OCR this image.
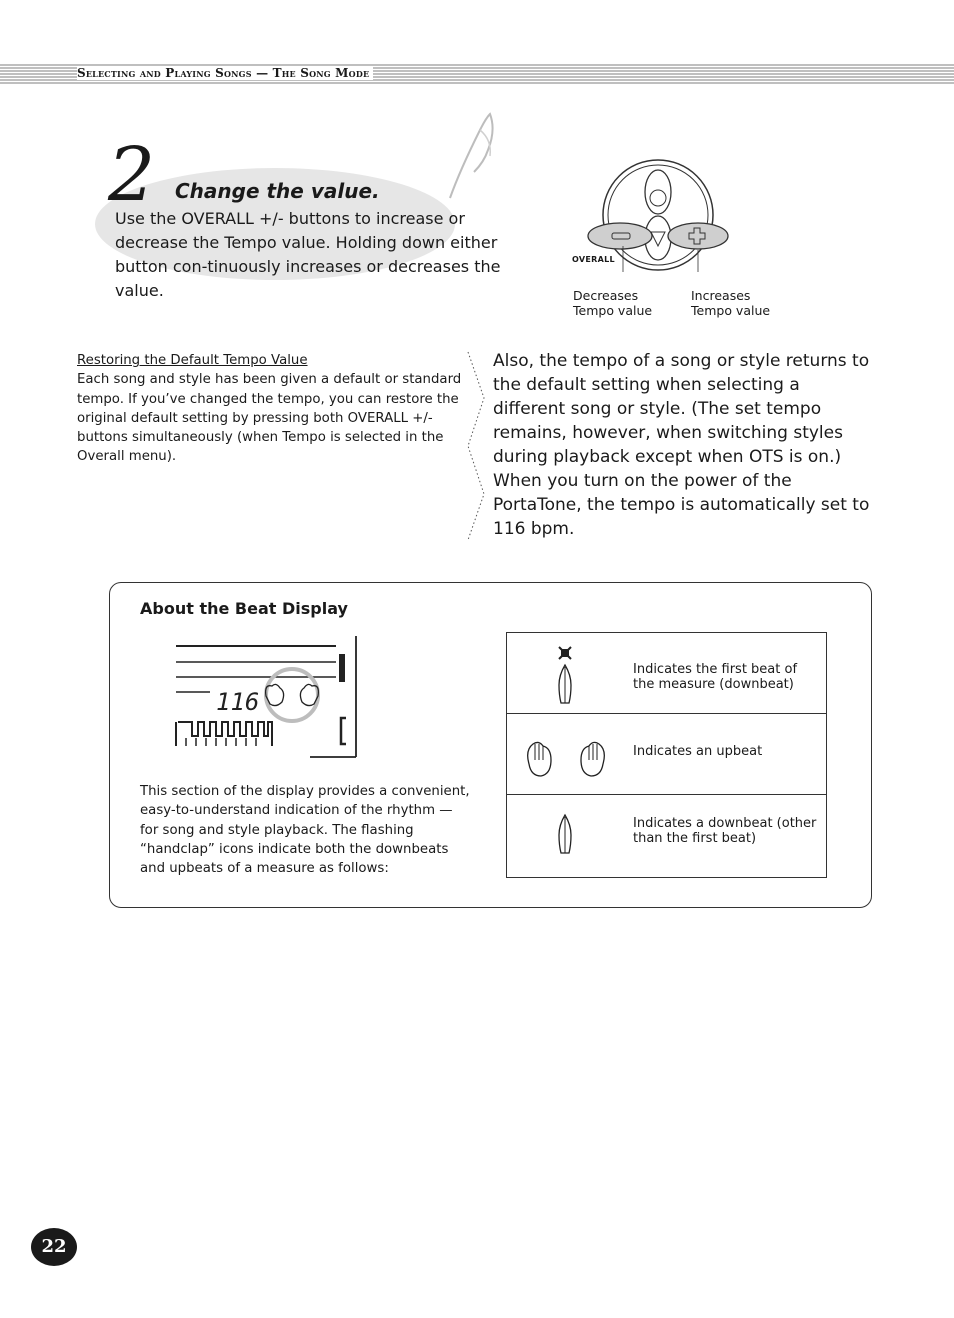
Selecting and Playing Songs — The Song Mode
2 Change the value.
Use the OVERALL +/- buttons to increase or decrease the Tempo value. Holding down either button con-tinuously increases or decreases the value.
OVERALL
Decreases
Tempo value
Increases
Tempo value
Restoring the Default Tempo Value
Each song and style has been given a default or standard tempo. If you’ve changed the tempo, you can restore the original default setting by pressing both OVERALL +/- buttons simultaneously (when Tempo is selected in the Overall menu).
Also, the tempo of a song or style returns to the default setting when selecting a different song or style. (The set tempo remains, however, when switching styles during playback except when OTS is on.) When you turn on the power of the PortaTone, the tempo is automatically set to 116 bpm.
About the Beat Display
116
This section of the display provides a convenient, easy-to-understand indication of the rhythm — for song and style playback. The flashing “handclap” icons indicate both the downbeats and upbeats of a measure as follows:
Indicates the first beat of the measure (downbeat)
Indicates an upbeat
Indicates a downbeat (other than the first beat)
22
